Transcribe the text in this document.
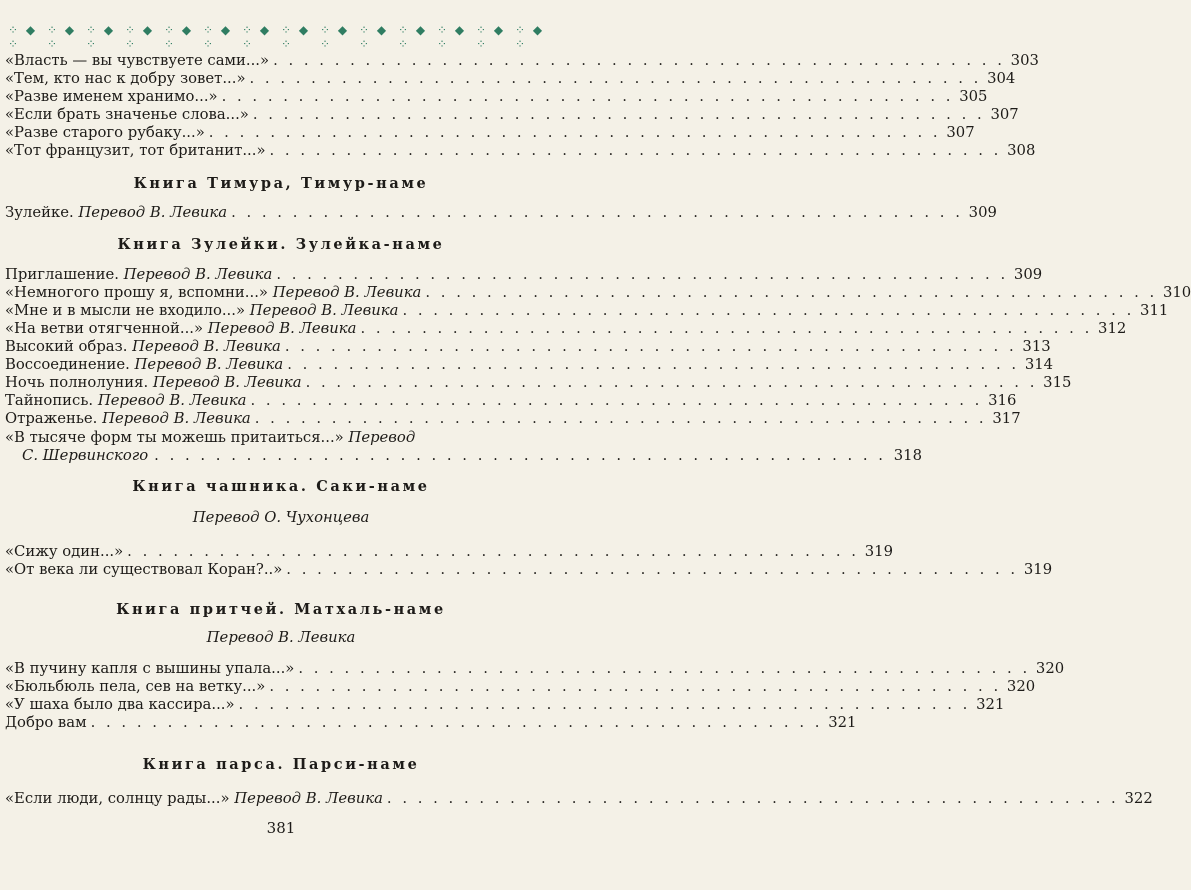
⁘ ◆ ⁘
⁘ ◆ ⁘
⁘ ◆ ⁘
⁘ ◆ ⁘
⁘ ◆ ⁘
⁘ ◆ ⁘
⁘ ◆ ⁘
⁘ ◆ ⁘
⁘ ◆ ⁘
⁘ ◆ ⁘
⁘ ◆ ⁘
⁘ ◆ ⁘
⁘ ◆ ⁘
⁘ ◆ ⁘
«Власть — вы чувствуете сами...» . . . . . . . . . . . . . . . . . . . . . . . . . . . . . . . . . . . . . . . . . . . . . . . . 303
«Тем, кто нас к добру зовет...» . . . . . . . . . . . . . . . . . . . . . . . . . . . . . . . . . . . . . . . . . . . . . . . . 304
«Разве именем хранимо...» . . . . . . . . . . . . . . . . . . . . . . . . . . . . . . . . . . . . . . . . . . . . . . . . 305
«Если брать значенье слова...» . . . . . . . . . . . . . . . . . . . . . . . . . . . . . . . . . . . . . . . . . . . . . . . . 307
«Разве старого рубаку...» . . . . . . . . . . . . . . . . . . . . . . . . . . . . . . . . . . . . . . . . . . . . . . . . 307
«Тот французит, тот британит...» . . . . . . . . . . . . . . . . . . . . . . . . . . . . . . . . . . . . . . . . . . . . . . . . 308
Книга Тимура, Тимур-наме
Зулейке. Перевод В. Левика . . . . . . . . . . . . . . . . . . . . . . . . . . . . . . . . . . . . . . . . . . . . . . . . 309
Книга Зулейки. Зулейка-наме
Приглашение. Перевод В. Левика . . . . . . . . . . . . . . . . . . . . . . . . . . . . . . . . . . . . . . . . . . . . . . . . 309
«Немногого прошу я, вспомни...» Перевод В. Левика . . . . . . . . . . . . . . . . . . . . . . . . . . . . . . . . . . . . . . . . . . . . . . . . 310
«Мне и в мысли не входило...» Перевод В. Левика . . . . . . . . . . . . . . . . . . . . . . . . . . . . . . . . . . . . . . . . . . . . . . . . 311
«На ветви отягченной...» Перевод В. Левика . . . . . . . . . . . . . . . . . . . . . . . . . . . . . . . . . . . . . . . . . . . . . . . . 312
Высокий образ. Перевод В. Левика . . . . . . . . . . . . . . . . . . . . . . . . . . . . . . . . . . . . . . . . . . . . . . . . 313
Воссоединение. Перевод В. Левика . . . . . . . . . . . . . . . . . . . . . . . . . . . . . . . . . . . . . . . . . . . . . . . . 314
Ночь полнолуния. Перевод В. Левика . . . . . . . . . . . . . . . . . . . . . . . . . . . . . . . . . . . . . . . . . . . . . . . . 315
Тайнопись. Перевод В. Левика . . . . . . . . . . . . . . . . . . . . . . . . . . . . . . . . . . . . . . . . . . . . . . . . 316
Отраженье. Перевод В. Левика . . . . . . . . . . . . . . . . . . . . . . . . . . . . . . . . . . . . . . . . . . . . . . . . 317
«В тысяче форм ты можешь притаиться...» Перевод
С. Шервинского . . . . . . . . . . . . . . . . . . . . . . . . . . . . . . . . . . . . . . . . . . . . . . . . 318
Книга чашника. Саки-наме
Перевод О. Чухонцева
«Сижу один...» . . . . . . . . . . . . . . . . . . . . . . . . . . . . . . . . . . . . . . . . . . . . . . . . 319
«От века ли существовал Коран?..» . . . . . . . . . . . . . . . . . . . . . . . . . . . . . . . . . . . . . . . . . . . . . . . . 319
Книга притчей. Матхаль-наме
Перевод В. Левика
«В пучину капля с вышины упала...» . . . . . . . . . . . . . . . . . . . . . . . . . . . . . . . . . . . . . . . . . . . . . . . . 320
«Бюльбюль пела, сев на ветку...» . . . . . . . . . . . . . . . . . . . . . . . . . . . . . . . . . . . . . . . . . . . . . . . . 320
«У шаха было два кассира...» . . . . . . . . . . . . . . . . . . . . . . . . . . . . . . . . . . . . . . . . . . . . . . . . 321
Добро вам . . . . . . . . . . . . . . . . . . . . . . . . . . . . . . . . . . . . . . . . . . . . . . . . 321
Книга парса. Парси-наме
«Если люди, солнцу рады...» Перевод В. Левика . . . . . . . . . . . . . . . . . . . . . . . . . . . . . . . . . . . . . . . . . . . . . . . . 322
381
